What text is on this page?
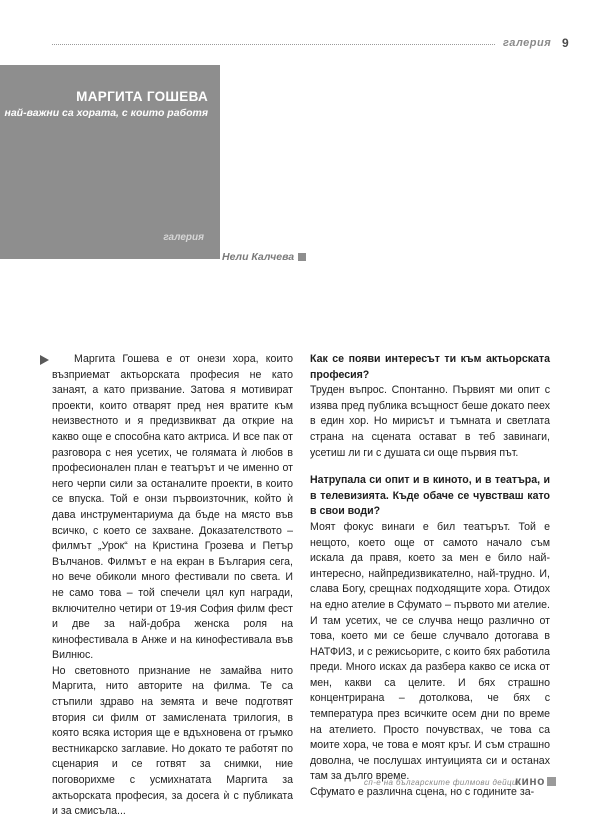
галерия 9
МАРГИТА ГОШЕВА
най-важни са хората, с които работя
галерия
Нели Калчева

Маргита Гошева е от онези хора, които възприемат актьорската професия не като занаят, а като призвание. Затова я мотивират проекти, които отварят пред нея вратите към неизвестното и я предизвикват да открие на какво още е способна като актриса. И все пак от разговора с нея усетих, че голямата ѝ любов в професионален план е театърът и че именно от него черпи сили за останалите проекти, в които се впуска. Той е онзи първоизточник, който ѝ дава инструментариума да бъде на място във всичко, с което се захване. Доказателството – филмът „Урок“ на Кристина Грозева и Петър Вълчанов. Филмът е на екран в България сега, но вече обиколи много фестивали по света. И не само това – той спечели цял куп награди, включително четири от 19-ия София филм фест и две за най-добра женска роля на кинофестивала в Анже и на кинофестивала във Вилнюс.

Но световното признание не замайва нито Маргита, нито авторите на филма. Те са стъпили здраво на земята и вече подготвят втория си филм от замислената трилогия, в която всяка история ще е вдъхновена от гръмко вестникарско заглавие. Но докато те работят по сценария и се готвят за снимки, ние поговорихме с усмихнатата Маргита за актьорската професия, за досега ѝ с публиката и за смисъла...

Как се появи интересът ти към актьорската професия?

Труден въпрос. Спонтанно. Първият ми опит с изява пред публика всъщност беше докато пеех в един хор. Но мирисът и тъмната и светлата страна на сцената остават в теб завинаги, усетиш ли ги с душата си още първия път.

Натрупала си опит и в киното, и в театъра, и в телевизията. Къде обаче се чувстваш като в свои води?

Моят фокус винаги е бил театърът. Той е нещото, което още от самото начало съм искала да правя, което за мен е било най-интересно, найпредизвикателно, най-трудно. И, слава Богу, срещнах подходящите хора. Отидох на едно ателие в Сфумато – първото ми ателие. И там усетих, че се случва нещо различно от това, което ми се беше случвало дотогава в НАТФИЗ, и с режисьорите, с които бях работила преди. Много исках да разбера какво се иска от мен, какви са целите. И бях страшно концентрирана – дотолкова, че бях с температура през всичките осем дни по време на ателието. Просто почувствах, че това са моите хора, че това е моят кръг. И съм страшно доволна, че послушах интуицията си и останах там за дълго време.

Сфумато е различна сцена, но с годините за-

сп-е на българските филмови дейци
кино
